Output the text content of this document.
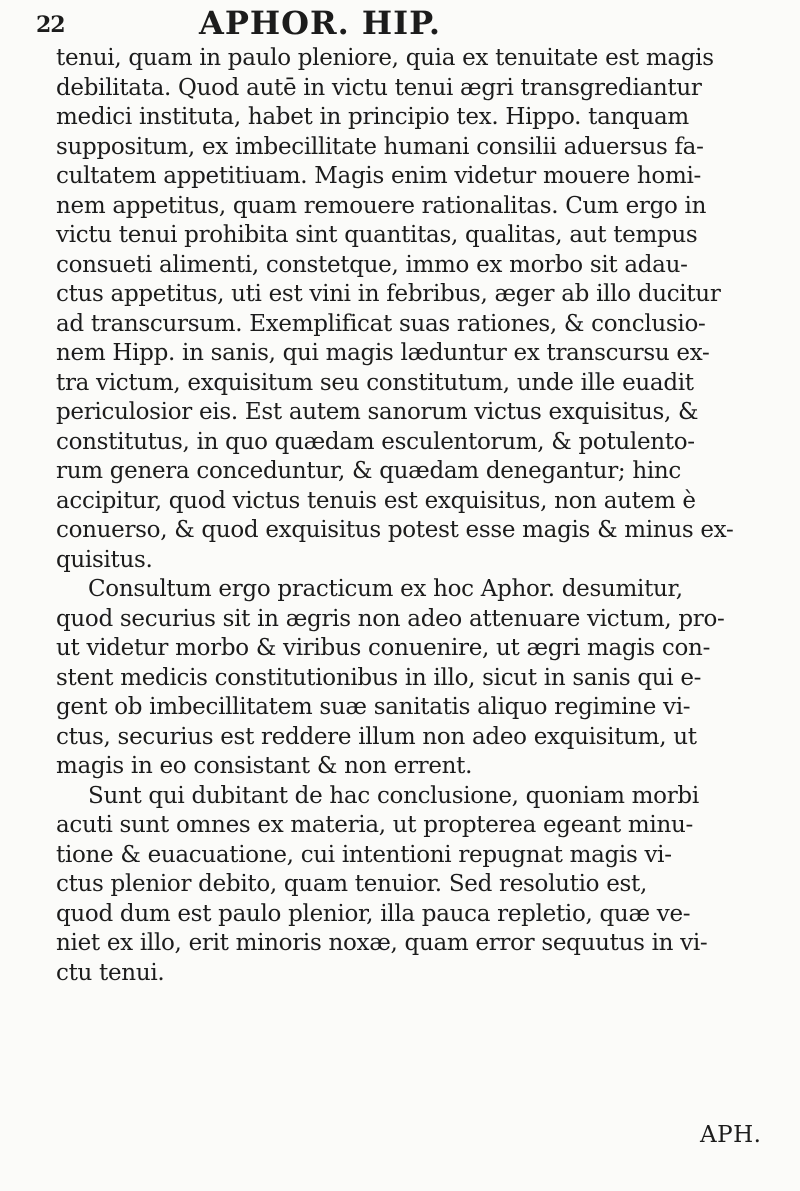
22	APHOR. HIP.
tenui, quam in paulo pleniore, quia ex tenuitate est magis
debilitata. Quod autē in victu tenui ægri transgrediantur
medici instituta, habet in principio tex. Hippo. tanquam
suppositum, ex imbecillitate humani consilii aduersus fa-
cultatem appetitiuam. Magis enim videtur mouere homi-
nem appetitus, quam remouere rationalitas. Cum ergo in
victu tenui prohibita sint quantitas, qualitas, aut tempus
consueti alimenti, constetque, immo ex morbo sit adau-
ctus appetitus, uti est vini in febribus, æger ab illo ducitur
ad transcursum. Exemplificat suas rationes, & conclusio-
nem Hipp. in sanis, qui magis læduntur ex transcursu ex-
tra victum, exquisitum seu constitutum, unde ille euadit
periculosior eis. Est autem sanorum victus exquisitus, &
constitutus, in quo quædam esculentorum, & potulento-
rum genera conceduntur, & quædam denegantur; hinc
accipitur, quod victus tenuis est exquisitus, non autem è
conuerso, & quod exquisitus potest esse magis & minus ex-
quisitus.
Consultum ergo practicum ex hoc Aphor. desumitur,
quod securius sit in ægris non adeo attenuare victum, pro-
ut videtur morbo & viribus conuenire, ut ægri magis con-
stent medicis constitutionibus in illo, sicut in sanis qui e-
gent ob imbecillitatem suæ sanitatis aliquo regimine vi-
ctus, securius est reddere illum non adeo exquisitum, ut
magis in eo consistant & non errent.
Sunt qui dubitant de hac conclusione, quoniam morbi
acuti sunt omnes ex materia, ut propterea egeant minu-
tione & euacuatione, cui intentioni repugnat magis vi-
ctus plenior debito, quam tenuior. Sed resolutio est,
quod dum est paulo plenior, illa pauca repletio, quæ ve-
niet ex illo, erit minoris noxæ, quam error sequutus in vi-
ctu tenui.
APH.
